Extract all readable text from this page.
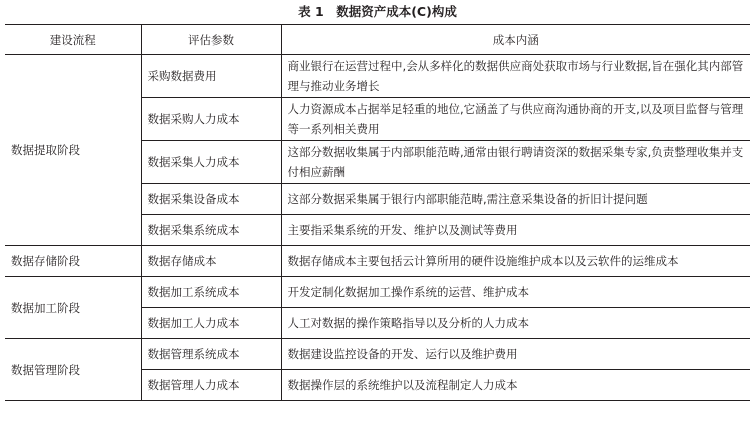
表 1　数据资产成本(C)构成
建设流程	评估参数	成本内涵
数据提取阶段	采购数据费用	商业银行在运营过程中,会从多样化的数据供应商处获取市场与行业数据,旨在强化其内部管理与推动业务增长
	数据采购人力成本	人力资源成本占据举足轻重的地位,它涵盖了与供应商沟通协商的开支,以及项目监督与管理等一系列相关费用
	数据采集人力成本	这部分数据收集属于内部职能范畴,通常由银行聘请资深的数据采集专家,负责整理收集并支付相应薪酬
	数据采集设备成本	这部分数据采集属于银行内部职能范畴,需注意采集设备的折旧计提问题
	数据采集系统成本	主要指采集系统的开发、维护以及测试等费用
数据存储阶段	数据存储成本	数据存储成本主要包括云计算所用的硬件设施维护成本以及云软件的运维成本
数据加工阶段	数据加工系统成本	开发定制化数据加工操作系统的运营、维护成本
	数据加工人力成本	人工对数据的操作策略指导以及分析的人力成本
数据管理阶段	数据管理系统成本	数据建设监控设备的开发、运行以及维护费用
	数据管理人力成本	数据操作层的系统维护以及流程制定人力成本
